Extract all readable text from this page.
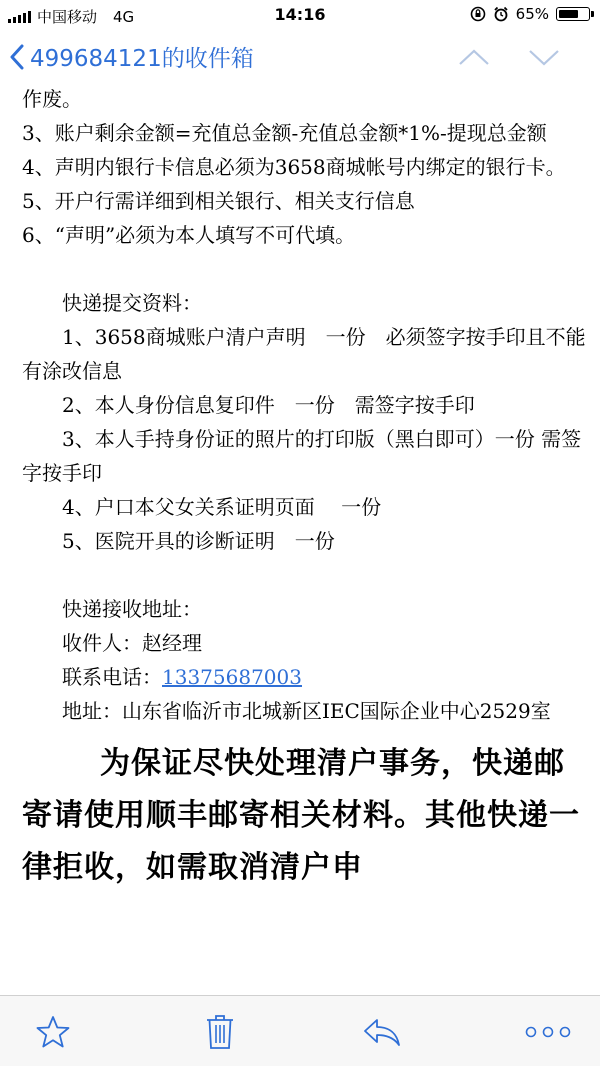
中国移动 4G	14:16	65%
499684121的收件箱

作废。

3、账户剩余金额=充值总金额-充值总金额*1%-提现总金额

4、声明内银行卡信息必须为3658商城帐号内绑定的银行卡。

5、开户行需详细到相关银行、相关支行信息

6、“声明”必须为本人填写不可代填。

快递提交资料：

1、3658商城账户清户声明　一份　必须签字按手印且不能有涂改信息

2、本人身份信息复印件　一份　需签字按手印

3、本人手持身份证的照片的打印版（黑白即可）一份 需签字按手印

4、户口本父女关系证明页面　 一份

5、医院开具的诊断证明　一份

快递接收地址：

收件人：赵经理

联系电话：13375687003

地址：山东省临沂市北城新区IEC国际企业中心2529室

为保证尽快处理清户事务，快递邮寄请使用顺丰邮寄相关材料。其他快递一律拒收，如需取消清户申
